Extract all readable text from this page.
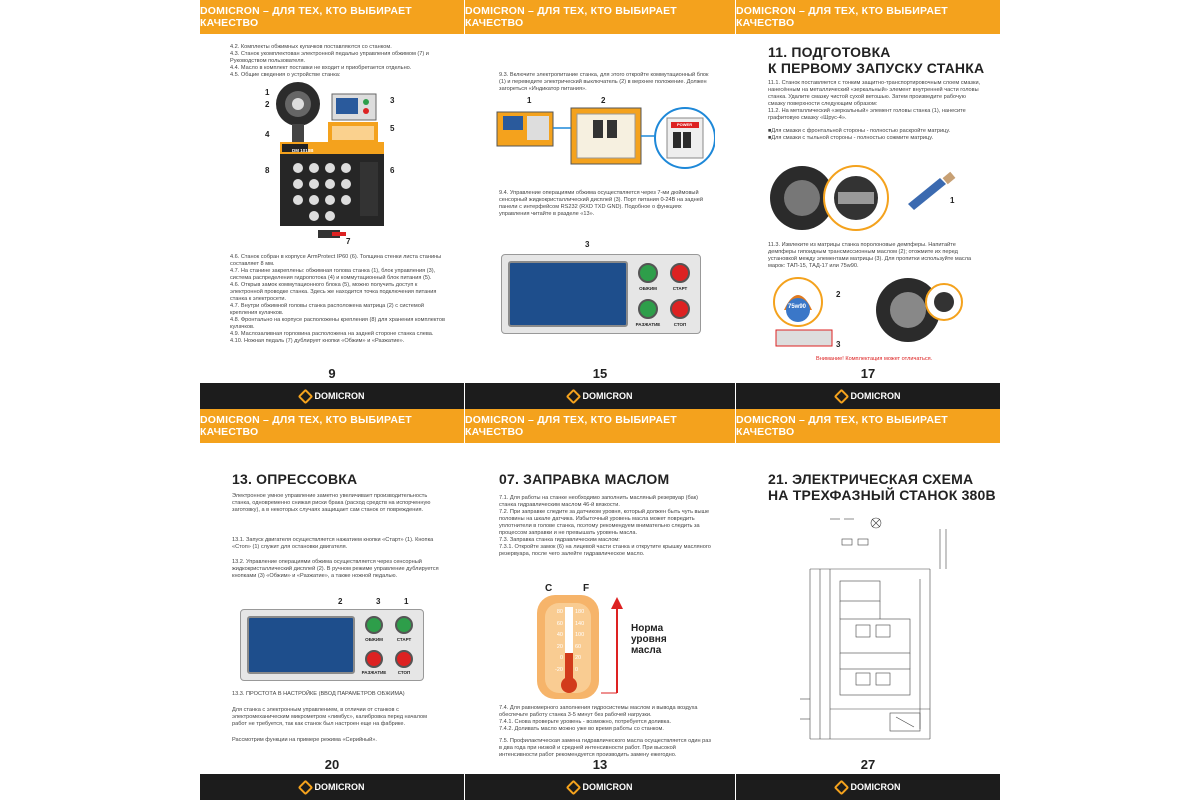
DOMICRON – ДЛЯ ТЕХ, КТО ВЫБИРАЕТ КАЧЕСТВО
4.2. Комплекты обжимных кулачков поставляются со станком.
4.3. Станок укомплектован электронной педалью управления обжимом (7) и Руководством пользователя.
4.4. Масло в комплект поставки не входит и приобретается отдельно.
4.5. Общие сведения о устройстве станка:
DM 1010B
1
2	3
4
5
6
7
8
4.6. Станок собран в корпусе ArmProtect IP60 (6). Толщина стенки листа станины составляет 8 мм.
4.7. На станине закреплены: обжимная голова станка (1), блок управления (3), система распределения гидропотока (4) и коммутационный блок питания (5).
4.6. Открыв замок коммутационного блока (5), можно получить доступ к электронной проводке станка. Здесь же находится точка подключения питания станка к электросети.
4.7. Внутри обжимной головы станка расположена матрица (2) с системой крепления кулачков.
4.8. Фронтально на корпусе расположены крепления (8) для хранения комплектов кулачков.
4.9. Маслозаливная горловина расположена на задней стороне станка слева.
4.10. Ножная педаль (7) дублирует кнопки «Обжим» и «Разжатие».
9
DOMICRON
DOMICRON – ДЛЯ ТЕХ, КТО ВЫБИРАЕТ КАЧЕСТВО
9.3. Включите электропитание станка, для этого откройте коммутационный блок (1) и переведите электрический выключатель (2) в верхнее положение. Должен загореться «Индикатор питания».
1	2
POWER
9.4. Управление операциями обжима осуществляется через 7-ми дюймовый сенсорный жидкокристаллический дисплей (3). Порт питания 0-24В на задней панели с интерфейсом RS232 (RXD TXD GND). Подобное о функциях управления читайте в разделе «13».
3
ОБЖИМ	СТАРТ
РАЗЖАТИЕ	СТОП
15
DOMICRON
DOMICRON – ДЛЯ ТЕХ, КТО ВЫБИРАЕТ КАЧЕСТВО
11. ПОДГОТОВКА
К ПЕРВОМУ ЗАПУСКУ СТАНКА
11.1. Станок поставляется с тонким защитно-транспортировочным слоем смазки, нанесённым на металлический «зеркальный» элемент внутренней части головы станка. Удалите смазку чистой сухой ветошью. Затем произведите рабочую смазку поверхности следующим образом:
11.2. На металлический «зеркальный» элемент головы станка (1), нанесите графитовую смазку «Шрус-4».
■Для смазки с фронтальной стороны - полностью раскройте матрицу.
■Для смазки с тыльной стороны - полностью сожмите матрицу.
1
11.3. Извлеките из матрицы станка поролоновые демпферы. Напитайте демпферы гипоидным трансмиссионным маслом (2); отожмите их перед установкой между элементами матрицы (3). Для пропитки используйте масла марок: ТАП-15, ТАД-17 или 75w90.
75w90
2
3
Внимание! Комплектация может отличаться.
17
DOMICRON
DOMICRON – ДЛЯ ТЕХ, КТО ВЫБИРАЕТ КАЧЕСТВО
13. ОПРЕССОВКА
Электронное умное управление заметно увеличивает производительность станка, одновременно снижая риски брака (расход средств на испорченную заготовку), а в некоторых случаях защищает сам станок от повреждения.
13.1. Запуск двигателя осуществляется нажатием кнопки «Старт» (1). Кнопка «Стоп» (1) служит для остановки двигателя.
13.2. Управление операциями обжима осуществляется через сенсорный жидкокристаллический дисплей (2). В ручном режиме управление дублируется кнопками (3) «Обжим» и «Разжатие», а также ножной педалью.
2	3	1
ОБЖИМ	СТАРТ
РАЗЖАТИЕ	СТОП
13.3. ПРОСТОТА В НАСТРОЙКЕ (ВВОД ПАРАМЕТРОВ ОБЖИМА)
Для станка с электронным управлением, в отличии от станков с электромеханическим микрометром «лимбус», калибровка перед началом работ не требуется, так как станок был настроен еще на фабрике.
Рассмотрим функции на примере режима «Серийный».
20
DOMICRON
DOMICRON – ДЛЯ ТЕХ, КТО ВЫБИРАЕТ КАЧЕСТВО
07. ЗАПРАВКА МАСЛОМ
7.1. Для работы на станке необходимо заполнить масляный резервуар (бак) станка гидравлическим маслом 46-й вязкости.
7.2. При заправке следите за датчиком уровня, который должен быть чуть выше половины на шкале датчика. Избыточный уровень масла может повредить уплотнители в голове станка, поэтому рекомендуем внимательно следить за процессом заправки и не превышать уровень масла.
7.3. Заправка станка гидравлическим маслом:
7.3.1. Откройте замок (6) на лицевой части станка и открутите крышку масляного резервуара, после чего залейте гидравлическое масло.
C	F
80
60
40
20
0
-20
180
140
100
60
20
0
Норма
уровня
масла
7.4. Для равномерного заполнения гидросистемы маслом и вывода воздуха обеспечьте работу станка 3-5 минут без рабочей нагрузки.
7.4.1. Снова проверьте уровень - возможно, потребуется доливка.
7.4.2. Доливать масло можно уже во время работы со станком.
7.5. Профилактическая замена гидравлического масла осуществляется один раз в два года при низкой и средней интенсивности работ. При высокой интенсивности работ рекомендуется производить замену ежегодно.
13
DOMICRON
DOMICRON – ДЛЯ ТЕХ, КТО ВЫБИРАЕТ КАЧЕСТВО
21. ЭЛЕКТРИЧЕСКАЯ СХЕМА
НА ТРЕХФАЗНЫЙ СТАНОК 380В
27
DOMICRON
